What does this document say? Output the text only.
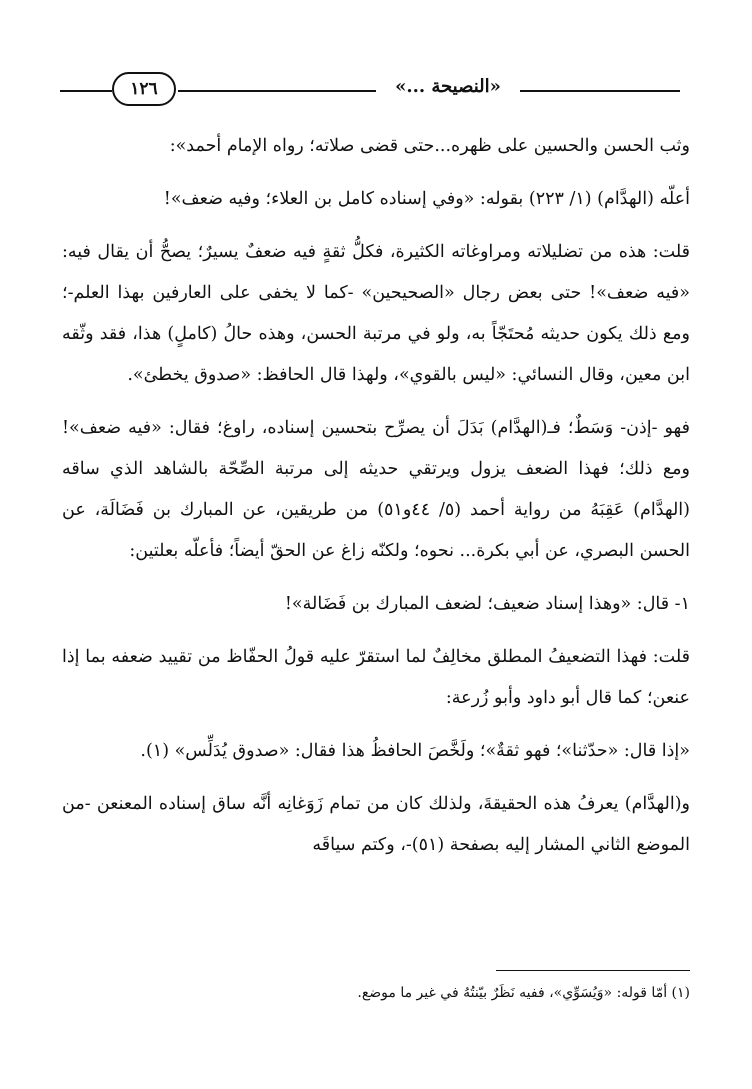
١٢٦	«النصيحة ...»

وثب الحسن والحسين على ظهره...حتى قضى صلاته؛ رواه الإمام أحمد»:

أعلّه (الهدَّام) (١/ ٢٢٣) بقوله: «وفي إسناده كامل بن العلاء؛ وفيه ضعف»!

قلت: هذه من تضليلاته ومراوغاته الكثيرة، فكلُّ ثقةٍ فيه ضعفٌ يسيرٌ؛ يصحُّ أن يقال فيه: «فيه ضعف»! حتى بعض رجال «الصحيحين» -كما لا يخفى على العارفين بهذا العلم-؛ ومع ذلك يكون حديثه مُحتَجّاً به، ولو في مرتبة الحسن، وهذه حالُ (كاملٍ) هذا، فقد وثّقه ابن معين، وقال النسائي: «ليس بالقوي»، ولهذا قال الحافظ: «صدوق يخطئ».

فهو -إذن- وَسَطٌ؛ فـ(الهدَّام) بَدَلَ أن يصرِّح بتحسين إسناده، راوغ؛ فقال: «فيه ضعف»! ومع ذلك؛ فهذا الضعف يزول ويرتقي حديثه إلى مرتبة الصِّحّة بالشاهد الذي ساقه (الهدَّام) عَقِبَهُ من رواية أحمد (٥/ ٤٤و٥١) من طريقين، عن المبارك بن فَضَالَة، عن الحسن البصري، عن أبي بكرة... نحوه؛ ولكنّه زاغ عن الحقّ أيضاً؛ فأعلّه بعلتين:

١- قال: «وهذا إسناد ضعيف؛ لضعف المبارك بن فَضَالة»!

قلت: فهذا التضعيفُ المطلق مخالِفٌ لما استقرّ عليه قولُ الحفّاظ من تقييد ضعفه بما إذا عنعن؛ كما قال أبو داود وأبو زُرعة:

«إذا قال: «حدّثنا»؛ فهو ثقةٌ»؛ ولَخَّصَ الحافظُ هذا فقال: «صدوق يُدَلِّس» (١).

و(الهدَّام) يعرفُ هذه الحقيقةَ، ولذلك كان من تمام زَوَغانِه أنَّه ساق إسناده المعنعن -من الموضع الثاني المشار إليه بصفحة (٥١)-، وكتم سياقَه

(١) أمّا قوله: «وَيُسَوِّي»، ففيه نَظَرٌ بيّنتُهُ في غير ما موضع.
